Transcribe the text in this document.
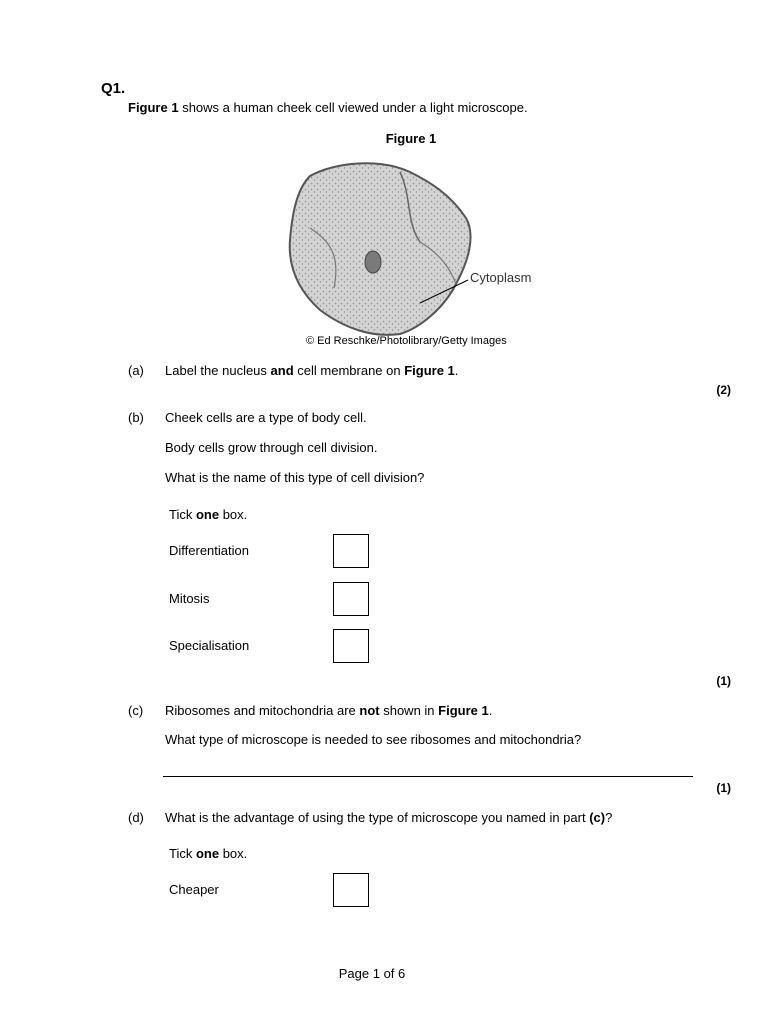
Q1.
Figure 1 shows a human cheek cell viewed under a light microscope.
Figure 1
Cytoplasm
© Ed Reschke/Photolibrary/Getty Images
(a) Label the nucleus and cell membrane on Figure 1.
(2)
(b) Cheek cells are a type of body cell.
Body cells grow through cell division.
What is the name of this type of cell division?
Tick one box.
Differentiation
Mitosis
Specialisation
(1)
(c) Ribosomes and mitochondria are not shown in Figure 1.
What type of microscope is needed to see ribosomes and mitochondria?
(1)
(d) What is the advantage of using the type of microscope you named in part (c)?
Tick one box.
Cheaper
Page 1 of 6
